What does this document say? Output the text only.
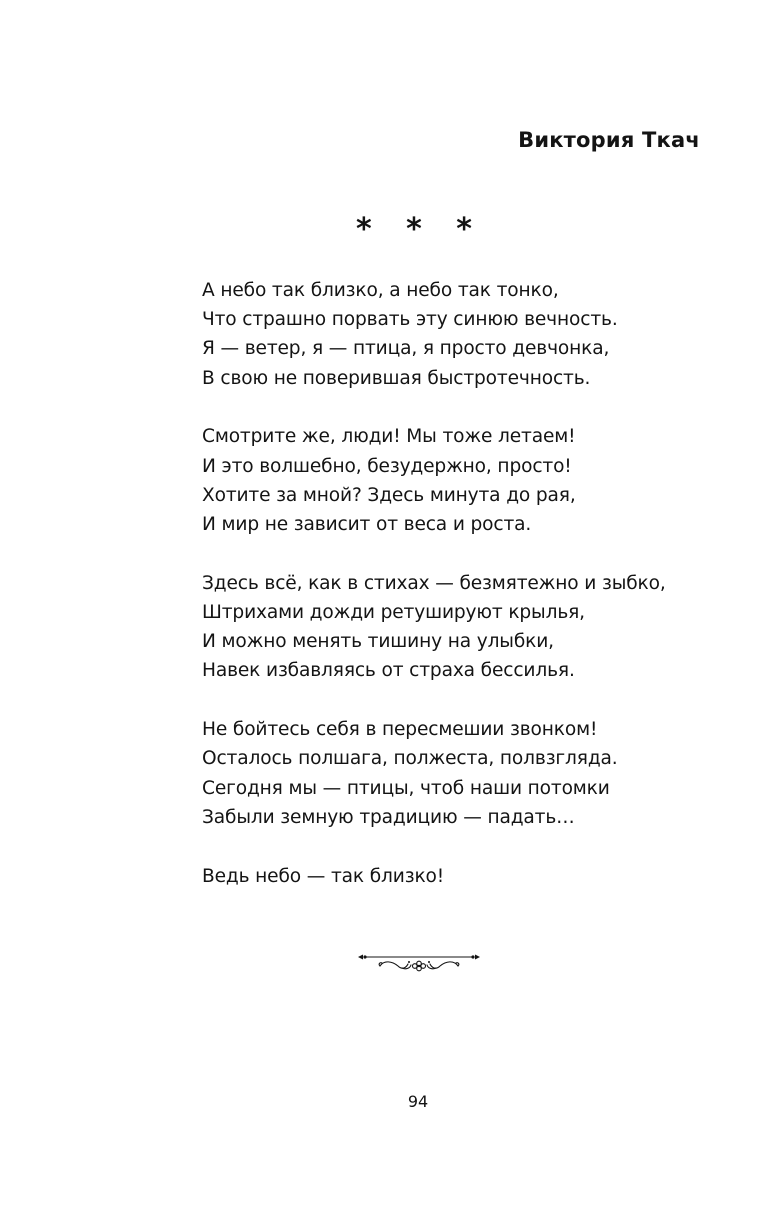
Виктория Ткач
* * *
А небо так близко, а небо так тонко,
Что страшно порвать эту синюю вечность.
Я — ветер, я — птица, я просто девчонка,
В свою не поверившая быстротечность.
Смотрите же, люди! Мы тоже летаем!
И это волшебно, безудержно, просто!
Хотите за мной? Здесь минута до рая,
И мир не зависит от веса и роста.
Здесь всё, как в стихах — безмятежно и зыбко,
Штрихами дожди ретушируют крылья,
И можно менять тишину на улыбки,
Навек избавляясь от страха бессилья.
Не бойтесь себя в пересмешии звонком!
Осталось полшага, полжеста, полвзгляда.
Сегодня мы — птицы, чтоб наши потомки
Забыли земную традицию — падать…
Ведь небо — так близко!

94
